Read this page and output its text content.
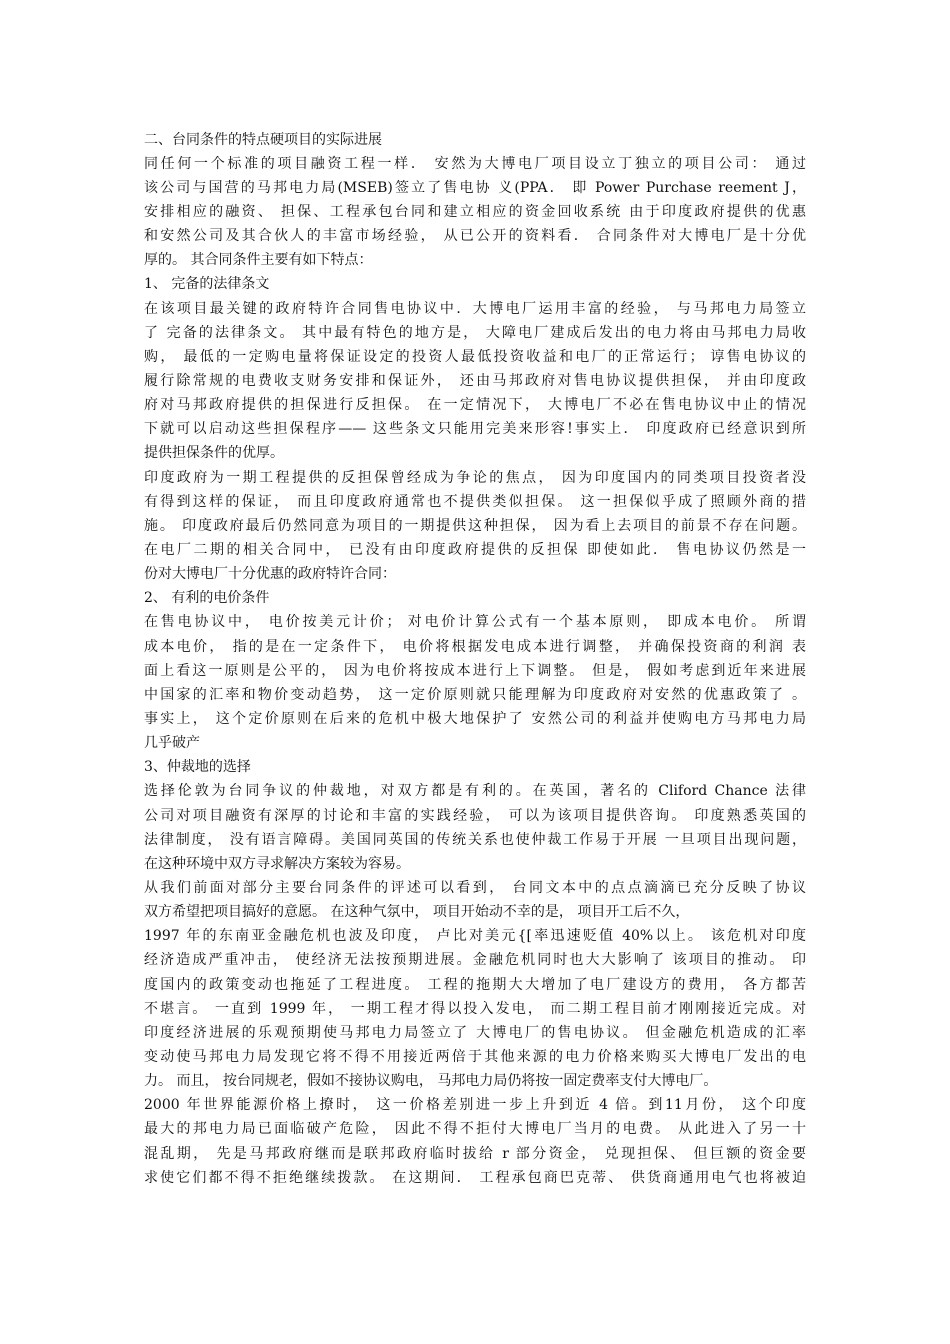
二、台同条件的特点硬项目的实际进展
同任何一个标准的项目融资工程一样． 安然为大博电厂项目设立丁独立的项目公司： 通过
该公司与国营的马邦电力局(MSEB)签立了售电协 义(PPA． 即 Power Purchase reement J，
安排相应的融资、 担保、工程承包台同和建立相应的资金回收系统 由于印度政府提供的优惠
和安然公司及其合伙人的丰富市场经验， 从已公开的资料看． 合同条件对大博电厂是十分优
厚的。 其合同条件主要有如下特点：
1、 完备的法律条文
在该项目最关键的政府特许合同售电协议中．大博电厂运用丰富的经验， 与马邦电力局签立
了 完备的法律条文。 其中最有特色的地方是， 大障电厂建成后发出的电力将由马邦电力局收
购， 最低的一定购电量将保证设定的投资人最低投资收益和电厂的正常运行； 谆售电协议的
履行除常规的电费收支财务安排和保证外， 还由马邦政府对售电协议提供担保， 并由印度政
府对马邦政府提供的担保进行反担保。 在一定情况下， 大博电厂不必在售电协议中止的情况
下就可以启动这些担保程序—— 这些条文只能用完美来形容!事实上． 印度政府已经意识到所
提供担保条件的优厚。
印度政府为一期工程提供的反担保曾经成为争论的焦点， 因为印度国内的同类项目投资者没
有得到这样的保证， 而且印度政府通常也不提供类似担保。 这一担保似乎成了照顾外商的措
施。 印度政府最后仍然同意为项目的一期提供这种担保， 因为看上去项目的前景不存在问题。
在电厂二期的相关合同中， 已没有由印度政府提供的反担保 即使如此． 售电协议仍然是一
份对大博电厂十分优惠的政府特许合同：
2、 有利的电价条件
在售电协议中， 电价按美元计价； 对电价计算公式有一个基本原则， 即成本电价。 所谓
成本电价， 指的是在一定条件下， 电价将根据发电成本进行调整， 并确保投资商的利润 表
面上看这一原则是公平的， 因为电价将按成本进行上下调整。 但是， 假如考虑到近年来进展
中国家的汇率和物价变动趋势， 这一定价原则就只能理解为印度政府对安然的优惠政策了 。
事实上， 这个定价原则在后来的危机中极大地保护了 安然公司的利益并使购电方马邦电力局
几乎破产
3、仲裁地的选择
选择伦敦为台同争议的仲裁地，对双方都是有利的。在英国，著名的 Cliford Chance 法律
公司对项目融资有深厚的讨论和丰富的实践经验， 可以为该项目提供咨询。 印度熟悉英国的
法律制度， 没有语言障碍。美国同英国的传统关系也使仲裁工作易于开展 一旦项目出现问题，
在这种环境中双方寻求解决方案较为容易。
从我们前面对部分主要台同条件的评述可以看到， 台同文本中的点点滴滴已充分反映了协议
双方希望把项目搞好的意愿。 在这种气氛中， 项目开始动不幸的是， 项目开工后不久，
1997 年的东南亚金融危机也波及印度， 卢比对美元{[率迅速贬值 40%以上。 该危机对印度
经济造成严重冲击， 使经济无法按预期进展。金融危机同时也大大影响了 该项目的推动。 印
度国内的政策变动也拖延了工程进度。 工程的拖期大大增加了电厂建设方的费用， 各方都苦
不堪言。 一直到 1999 年， 一期工程才得以投入发电， 而二期工程目前才刚刚接近完成。对
印度经济进展的乐观预期使马邦电力局签立了 大博电厂的售电协议。 但金融危机造成的汇率
变动使马邦电力局发现它将不得不用接近两倍于其他来源的电力价格来购买大博电厂发出的电
力。 而且， 按台同规老，假如不接协议购电， 马邦电力局仍将按一固定费率支付大博电厂。
2000 年世界能源价格上撩时， 这一价格差别进一步上升到近 4 倍。到11月份， 这个印度
最大的邦电力局已面临破产危险， 因此不得不拒付大博电厂当月的电费。 从此进入了另一十
混乱期， 先是马邦政府继而是联邦政府临时拔给 r 部分资金， 兑现担保、 但巨额的资金要
求使它们都不得不拒绝继续拨款。 在这期间． 工程承包商巴克蒂、 供货商通用电气也将被迫
